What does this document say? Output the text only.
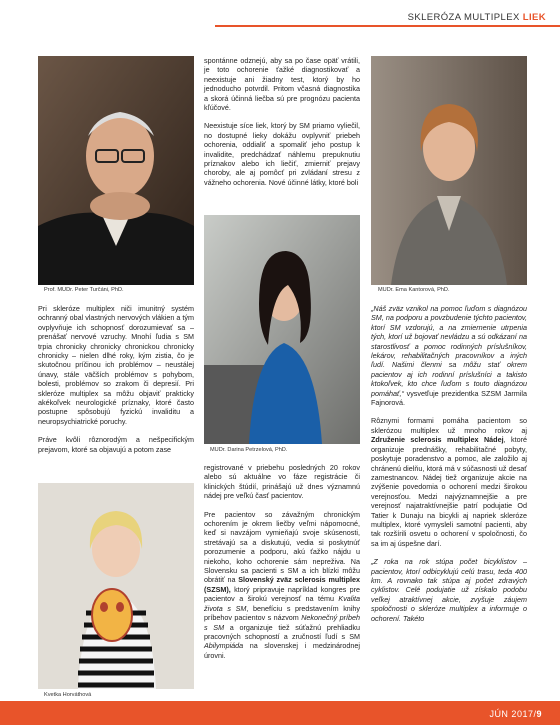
SKLERÓZA MULTIPLEX LIEK
Prof. MUDr. Peter Turčáni, PhD.	MUDr. Ema Kantorová, PhD.
MUDr. Darina Petrzelová, PhD.
Kvetka Horváthová

Pri skleróze multiplex niči imunitný systém ochranný obal vlastných nervových vlákien a tým ovplyvňuje ich schopnosť dorozumievať sa – prenášať nervové vzruchy. Mnohí ľudia s SM trpia chronicky chronicky chronickou chronicky chronicky – nielen dlhé roky, kým zistia, čo je skutočnou príčinou ich problémov – neustálej únavy, stále väčších problémov s pohybom, bolesti, problémov so zrakom či depresií. Pri skleróze multiplex sa môžu objaviť prakticky akékoľvek neurologické príznaky, ktoré často postupne spôsobujú fyzickú invaliditu a neuropsychiatrické poruchy.

Práve kvôli rôznorodým a nešpecifickým prejavom, ktoré sa objavujú a potom zase

spontánne odznejú, aby sa po čase opäť vrátili, je toto ochorenie ťažké diagnostikovať a neexistuje ani žiadny test, ktorý by ho jednoducho potvrdil. Pritom včasná diagnostika a skorá účinná liečba sú pre prognózu pacienta kľúčové.

Neexistuje síce liek, ktorý by SM priamo vyliečil, no dostupné lieky dokážu ovplyvniť priebeh ochorenia, oddialiť a spomaliť jeho postup k invalidite, predchádzať náhlemu prepuknutiu príznakov alebo ich liečiť, zmierniť prejavy choroby, ale aj pomôcť pri zvládaní stresu z vážneho ochorenia. Nové účinné látky, ktoré boli

registrované v priebehu posledných 20 rokov alebo sú aktuálne vo fáze registrácie či klinických štúdií, prinášajú už dnes významnú nádej pre veľkú časť pacientov.

Pre pacientov so závažným chronickým ochorením je okrem liečby veľmi nápomocné, keď si navzájom vymieňajú svoje skúsenosti, stretávajú sa a diskutujú, vedia si poskytnúť porozumenie a podporu, akú ťažko nájdu u niekoho, koho ochorenie sám nepreživa. Na Slovensku sa pacienti s SM a ich blízki môžu obrátiť na Slovenský zväz sclerosis multiplex (SZSM), ktorý pripravuje napríklad kongres pre pacientov a širokú verejnosť na tému Kvalita života s SM, benefíciu s predstavením knihy príbehov pacientov s názvom Nekonečný príbeh s SM a organizuje tiež súťažnú prehliadku pracovných schopností a zručností ľudí s SM Abilympiáda na slovenskej i medzinárodnej úrovni.

„Náš zväz vznikol na pomoc ľuďom s diagnózou SM, na podporu a povzbudenie týchto pacientov, ktorí SM vzdorujú, a na zmiernenie utrpenia tých, ktorí už bojovať nevládzu a sú odkázaní na starostlivosť a pomoc rodinných príslušníkov, lekárov, rehabilitačných pracovníkov a iných ľudí. Našimi členmi sa môžu stať okrem pacientov aj ich rodinní príslušníci a takisto ktokoľvek, kto chce ľuďom s touto diagnózou pomáhať,“ vysvetľuje prezidentka SZSM Jarmila Fajnorová.

Rôznymi formami pomáha pacientom so sklerózou multiplex už mnoho rokov aj Združenie sclerosis multiplex Nádej, ktoré organizuje prednášky, rehabilitačné pobyty, poskytuje poradenstvo a pomoc, ale založilo aj chránenú dielňu, ktorá má v súčasnosti už desať zamestnancov. Nádej tiež organizuje akcie na zvýšenie povedomia o ochorení medzi širokou verejnosťou. Medzi najvýznamnejšie a pre verejnosť najatraktívnejšie patrí podujatie Od Tatier k Dunaju na bicykli aj napriek skleróze multiplex, ktoré vymysleli samotní pacienti, aby tak rozšírili osvetu o ochorení v spoločnosti, čo sa im aj úspešne darí.

„Z roka na rok stúpa počet bicyklistov – pacientov, ktorí odbicyklujú celú trasu, teda 400 km. A rovnako tak stúpa aj počet zdravých cyklistov. Celé podujatie už získalo podobu veľkej atraktívnej akcie, zvyšuje záujem spoločnosti o skleróze multiplex a informuje o ochorení. Takéto

JÚN 2017/9
